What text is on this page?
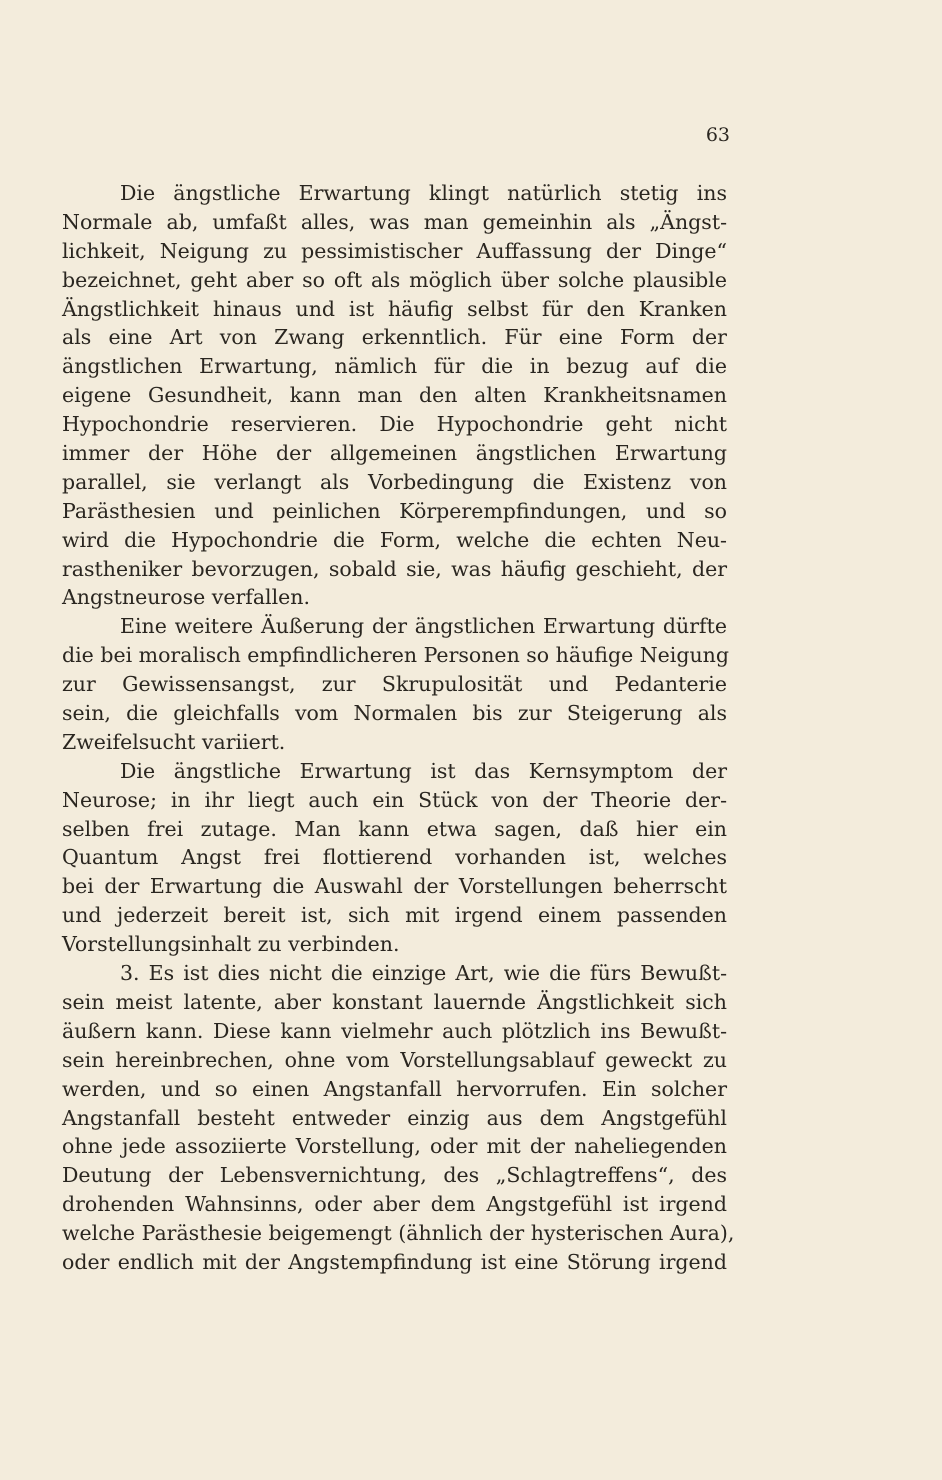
63
Die ängstliche Erwartung klingt natürlich stetig ins
Normale ab, umfaßt alles, was man gemeinhin als „Ängst-
lichkeit, Neigung zu pessimistischer Auffassung der Dinge“
bezeichnet, geht aber so oft als möglich über solche plausible
Ängstlichkeit hinaus und ist häufig selbst für den Kranken
als eine Art von Zwang erkenntlich. Für eine Form der
ängstlichen Erwartung, nämlich für die in bezug auf die
eigene Gesundheit, kann man den alten Krankheitsnamen
Hypochondrie reservieren. Die Hypochondrie geht nicht
immer der Höhe der allgemeinen ängstlichen Erwartung
parallel, sie verlangt als Vorbedingung die Existenz von
Parästhesien und peinlichen Körperempfindungen, und so
wird die Hypochondrie die Form, welche die echten Neu-
rastheniker bevorzugen, sobald sie, was häufig geschieht, der
Angstneurose verfallen.
Eine weitere Äußerung der ängstlichen Erwartung dürfte
die bei moralisch empfindlicheren Personen so häufige Neigung
zur Gewissensangst, zur Skrupulosität und Pedanterie
sein, die gleichfalls vom Normalen bis zur Steigerung als
Zweifelsucht variiert.
Die ängstliche Erwartung ist das Kernsymptom der
Neurose; in ihr liegt auch ein Stück von der Theorie der-
selben frei zutage. Man kann etwa sagen, daß hier ein
Quantum Angst frei flottierend vorhanden ist, welches
bei der Erwartung die Auswahl der Vorstellungen beherrscht
und jederzeit bereit ist, sich mit irgend einem passenden
Vorstellungsinhalt zu verbinden.
3. Es ist dies nicht die einzige Art, wie die fürs Bewußt-
sein meist latente, aber konstant lauernde Ängstlichkeit sich
äußern kann. Diese kann vielmehr auch plötzlich ins Bewußt-
sein hereinbrechen, ohne vom Vorstellungsablauf geweckt zu
werden, und so einen Angstanfall hervorrufen. Ein solcher
Angstanfall besteht entweder einzig aus dem Angstgefühl
ohne jede assoziierte Vorstellung, oder mit der naheliegenden
Deutung der Lebensvernichtung, des „Schlagtreffens“, des
drohenden Wahnsinns, oder aber dem Angstgefühl ist irgend
welche Parästhesie beigemengt (ähnlich der hysterischen Aura),
oder endlich mit der Angstempfindung ist eine Störung irgend
